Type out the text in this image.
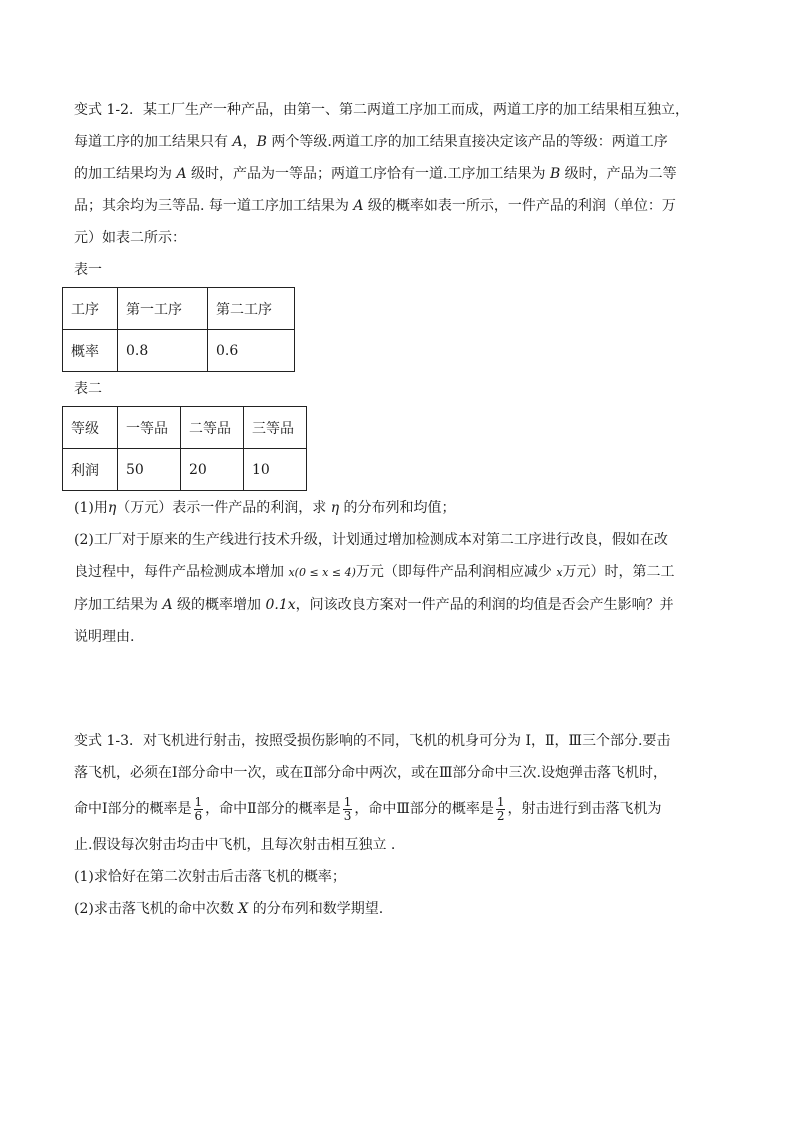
变式 1-2．某工厂生产一种产品，由第一、第二两道工序加工而成，两道工序的加工结果相互独立，
每道工序的加工结果只有 A，B 两个等级.两道工序的加工结果直接决定该产品的等级：两道工序
的加工结果均为 A 级时，产品为一等品；两道工序恰有一道.工序加工结果为 B 级时，产品为二等
品；其余均为三等品. 每一道工序加工结果为 A 级的概率如表一所示，一件产品的利润（单位：万
元）如表二所示：
表一
工序	第一工序	第二工序
概率	0.8	0.6
表二
等级	一等品	二等品	三等品
利润	50	20	10
(1)用η（万元）表示一件产品的利润，求 η 的分布列和均值；
(2)工厂对于原来的生产线进行技术升级，计划通过增加检测成本对第二工序进行改良，假如在改
良过程中，每件产品检测成本增加 x(0 ≤ x ≤ 4)万元（即每件产品利润相应减少 x万元）时，第二工
序加工结果为 A 级的概率增加 0.1x，问该改良方案对一件产品的利润的均值是否会产生影响？并
说明理由.
变式 1-3．对飞机进行射击，按照受损伤影响的不同，飞机的机身可分为 Ⅰ，Ⅱ，Ⅲ三个部分.要击
落飞机，必须在Ⅰ部分命中一次，或在Ⅱ部分命中两次，或在Ⅲ部分命中三次.设炮弹击落飞机时，
命中Ⅰ部分的概率是 $\frac{1}{6}$ ，命中Ⅱ部分的概率是 $\frac{1}{3}$ ，命中Ⅲ部分的概率是 $\frac{1}{2}$ ，射击进行到击落飞机为
止.假设每次射击均击中飞机，且每次射击相互独立 .
(1)求恰好在第二次射击后击落飞机的概率；
(2)求击落飞机的命中次数 X 的分布列和数学期望.
